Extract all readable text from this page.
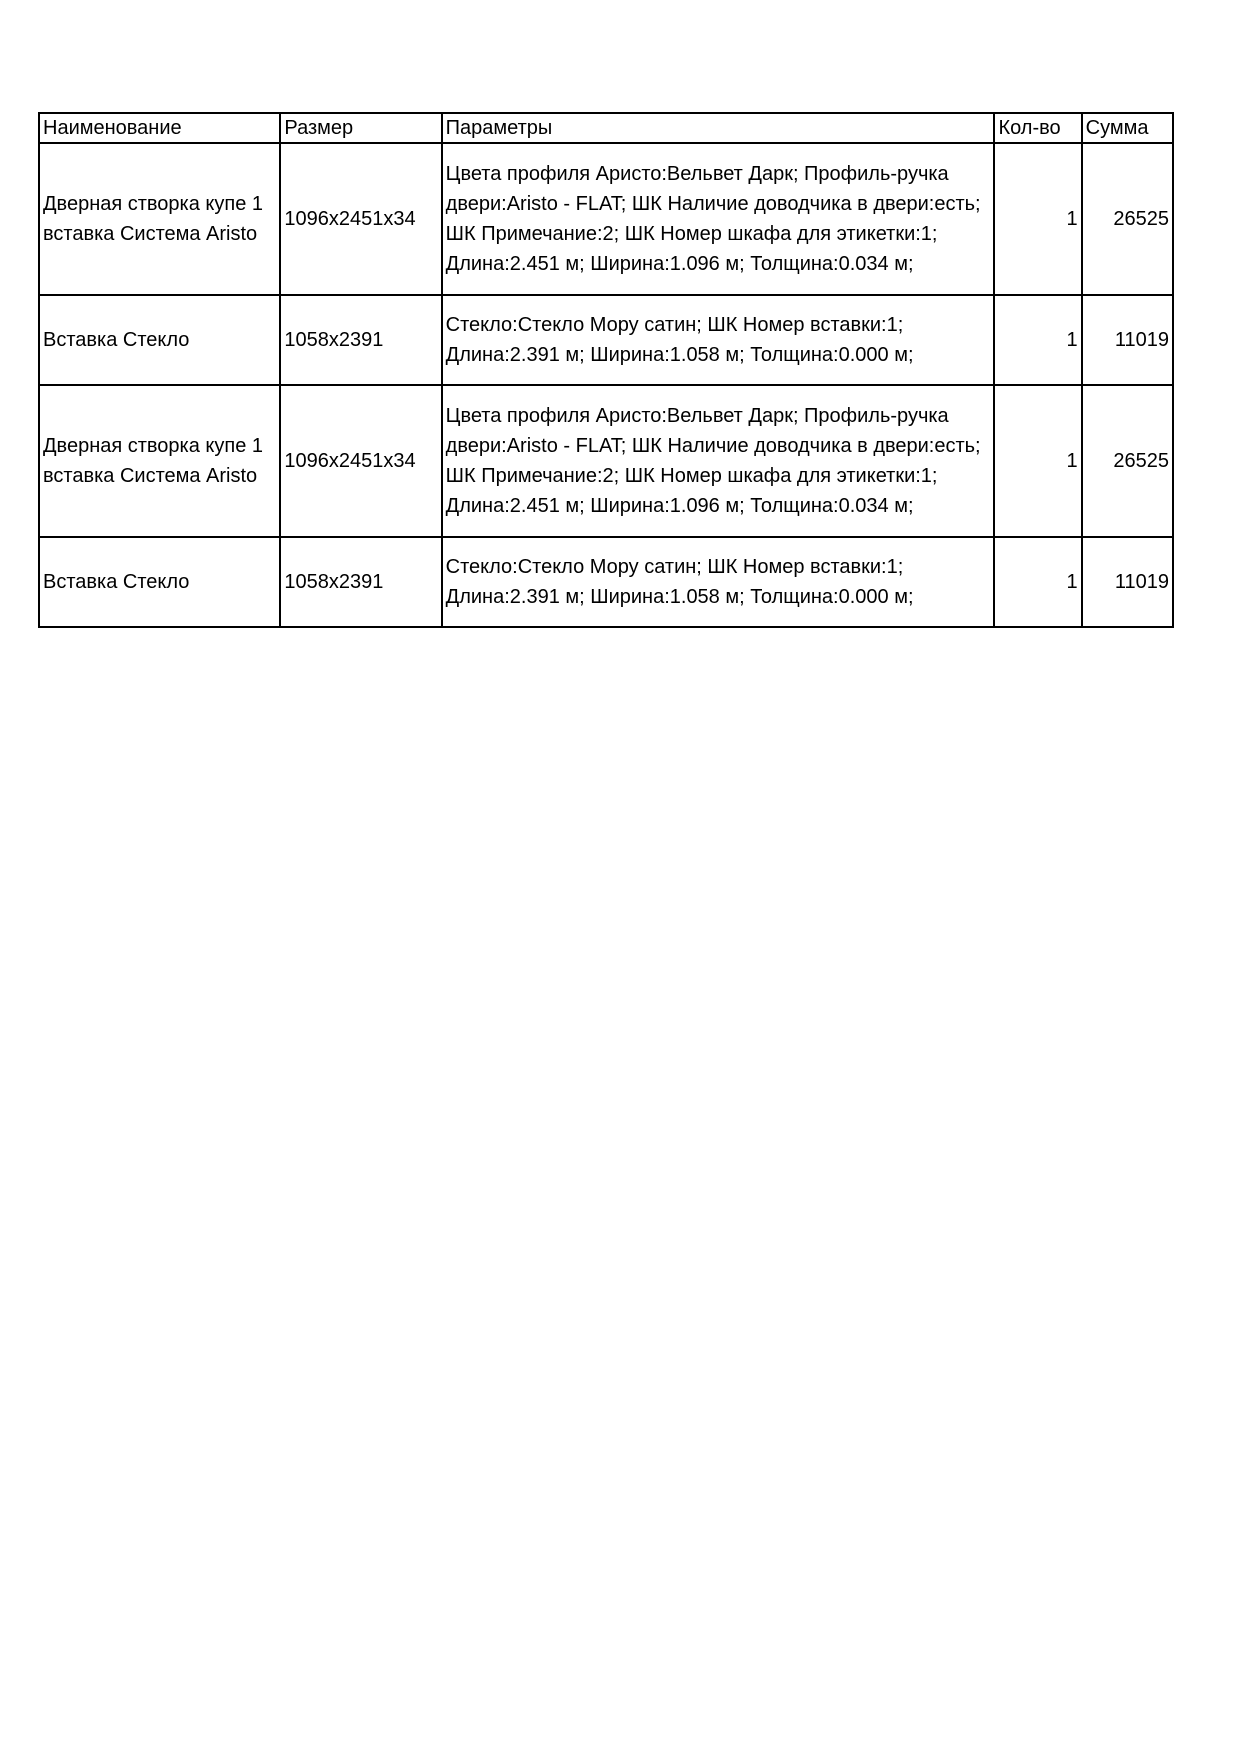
Наименование	Размер	Параметры	Кол-во	Сумма
Дверная створка купе 1 вставка Система Aristo	1096x2451x34	Цвета профиля Аристо:Вельвет Дарк; Профиль-ручка двери:Aristo - FLAT; ШК Наличие доводчика в двери:есть; ШК Примечание:2; ШК Номер шкафа для этикетки:1; Длина:2.451 м; Ширина:1.096 м; Толщина:0.034 м;	1	26525
Вставка Стекло	1058x2391	Стекло:Стекло Мору сатин; ШК Номер вставки:1; Длина:2.391 м; Ширина:1.058 м; Толщина:0.000 м;	1	11019
Дверная створка купе 1 вставка Система Aristo	1096x2451x34	Цвета профиля Аристо:Вельвет Дарк; Профиль-ручка двери:Aristo - FLAT; ШК Наличие доводчика в двери:есть; ШК Примечание:2; ШК Номер шкафа для этикетки:1; Длина:2.451 м; Ширина:1.096 м; Толщина:0.034 м;	1	26525
Вставка Стекло	1058x2391	Стекло:Стекло Мору сатин; ШК Номер вставки:1; Длина:2.391 м; Ширина:1.058 м; Толщина:0.000 м;	1	11019
